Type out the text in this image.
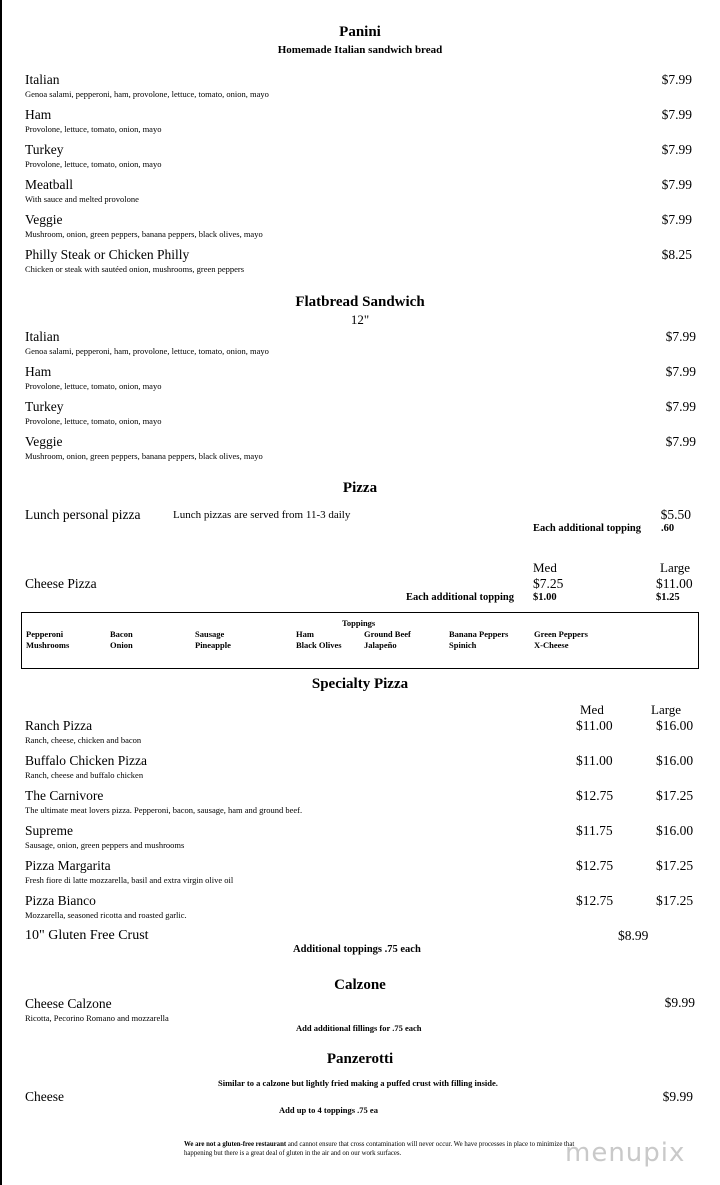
Panini
Homemade Italian sandwich bread
Italian
Genoa salami, pepperoni, ham, provolone, lettuce, tomato, onion, mayo
$7.99
Ham
Provolone, lettuce, tomato, onion, mayo
$7.99
Turkey
Provolone, lettuce, tomato, onion, mayo
$7.99
Meatball
With sauce and melted provolone
$7.99
Veggie
Mushroom, onion, green peppers, banana peppers, black olives, mayo
$7.99
Philly Steak or Chicken Philly
Chicken or steak with sautéed onion, mushrooms, green peppers
$8.25
Flatbread Sandwich
12"
Italian
Genoa salami, pepperoni, ham, provolone, lettuce, tomato, onion, mayo
$7.99
Ham
Provolone, lettuce, tomato, onion, mayo
$7.99
Turkey
Provolone, lettuce, tomato, onion, mayo
$7.99
Veggie
Mushroom, onion, green peppers, banana peppers, black olives, mayo
$7.99
Pizza
Lunch personal pizza	Lunch pizzas are served from 11-3 daily	$5.50
Each additional topping .60
Med	Large
Cheese Pizza	$7.25	$11.00
Each additional topping $1.00	$1.25
Toppings
Pepperoni	Bacon	Sausage	Ham	Ground Beef	Banana Peppers	Green Peppers
Mushrooms	Onion	Pineapple	Black Olives	Jalapeño	Spinich	X-Cheese
Specialty Pizza
Med	Large
Ranch Pizza
Ranch, cheese, chicken and bacon
$11.00	$16.00
Buffalo Chicken Pizza
Ranch, cheese and buffalo chicken
$11.00	$16.00
The Carnivore
The ultimate meat lovers pizza. Pepperoni, bacon, sausage, ham and ground beef.
$12.75	$17.25
Supreme
Sausage, onion, green peppers and mushrooms
$11.75	$16.00
Pizza Margarita
Fresh fiore di latte mozzarella, basil and extra virgin olive oil
$12.75	$17.25
Pizza Bianco
Mozzarella, seasoned ricotta and roasted garlic.
$12.75	$17.25
10" Gluten Free Crust	$8.99
Additional toppings .75 each
Calzone
Cheese Calzone
Ricotta, Pecorino Romano and mozzarella
$9.99
Add additional fillings for .75 each
Panzerotti
Similar to a calzone but lightly fried making a puffed crust with filling inside.
Cheese	$9.99
Add up to 4 toppings .75 ea
We are not a gluten-free restaurant and cannot ensure that cross contamination will never occur. We have processes in place to minimize that happening but there is a great deal of gluten in the air and on our work surfaces.	menupix
